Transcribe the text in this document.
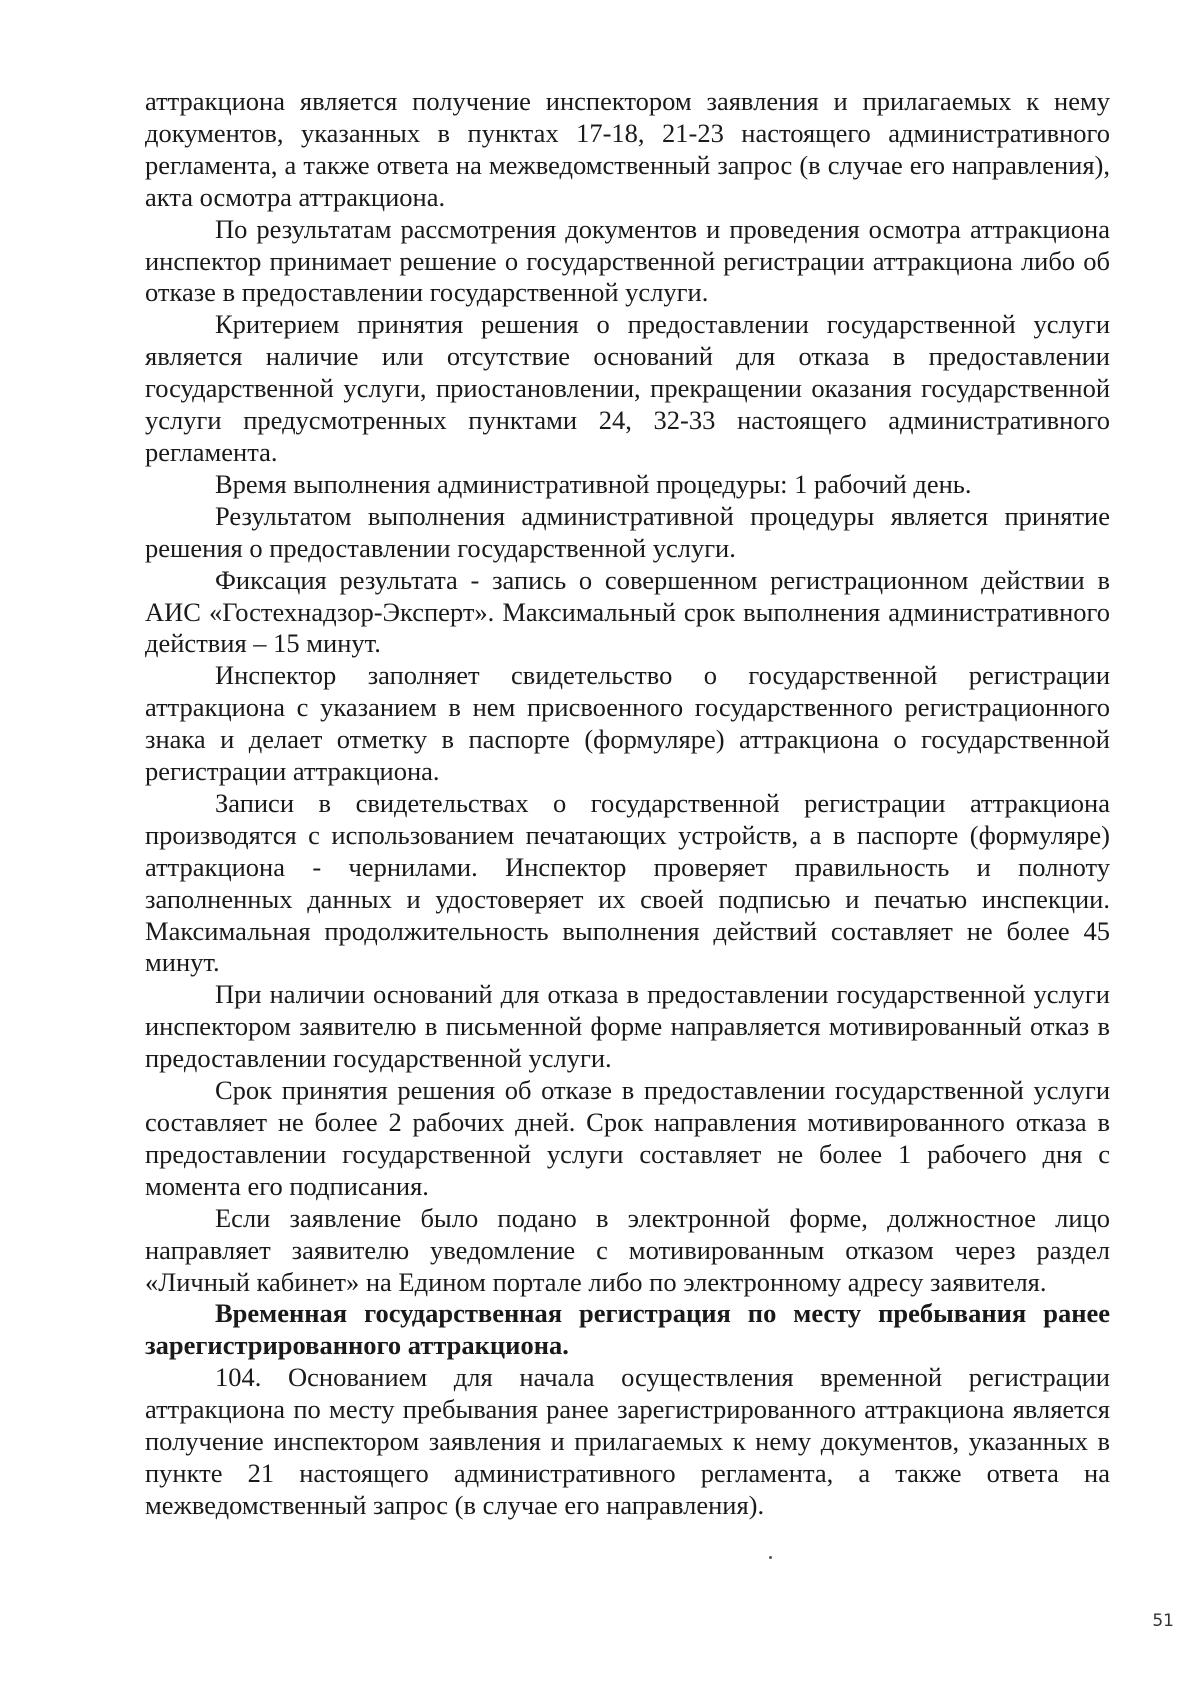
аттракциона является получение инспектором заявления и прилагаемых к нему документов, указанных в пунктах 17-18, 21-23 настоящего административного регламента, а также ответа на межведомственный запрос (в случае его направления), акта осмотра аттракциона.

По результатам рассмотрения документов и проведения осмотра аттракциона инспектор принимает решение о государственной регистрации аттракциона либо об отказе в предоставлении государственной услуги.

Критерием принятия решения о предоставлении государственной услуги является наличие или отсутствие оснований для отказа в предоставлении государственной услуги, приостановлении, прекращении оказания государственной услуги предусмотренных пунктами 24, 32-33 настоящего административного регламента.

Время выполнения административной процедуры: 1 рабочий день.

Результатом выполнения административной процедуры является принятие решения о предоставлении государственной услуги.

Фиксация результата - запись о совершенном регистрационном действии в АИС «Гостехнадзор-Эксперт». Максимальный срок выполнения административного действия – 15 минут.

Инспектор заполняет свидетельство о государственной регистрации аттракциона с указанием в нем присвоенного государственного регистрационного знака и делает отметку в паспорте (формуляре) аттракциона о государственной регистрации аттракциона.

Записи в свидетельствах о государственной регистрации аттракциона производятся с использованием печатающих устройств, а в паспорте (формуляре) аттракциона - чернилами. Инспектор проверяет правильность и полноту заполненных данных и удостоверяет их своей подписью и печатью инспекции. Максимальная продолжительность выполнения действий составляет не более 45 минут.

При наличии оснований для отказа в предоставлении государственной услуги инспектором заявителю в письменной форме направляется мотивированный отказ в предоставлении государственной услуги.

Срок принятия решения об отказе в предоставлении государственной услуги составляет не более 2 рабочих дней. Срок направления мотивированного отказа в предоставлении государственной услуги составляет не более 1 рабочего дня с момента его подписания.

Если заявление было подано в электронной форме, должностное лицо направляет заявителю уведомление с мотивированным отказом через раздел «Личный кабинет» на Едином портале либо по электронному адресу заявителя.

Временная государственная регистрация по месту пребывания ранее зарегистрированного аттракциона.

104. Основанием для начала осуществления временной регистрации аттракциона по месту пребывания ранее зарегистрированного аттракциона является получение инспектором заявления и прилагаемых к нему документов, указанных в пункте 21 настоящего административного регламента, а также ответа на межведомственный запрос (в случае его направления).

51
